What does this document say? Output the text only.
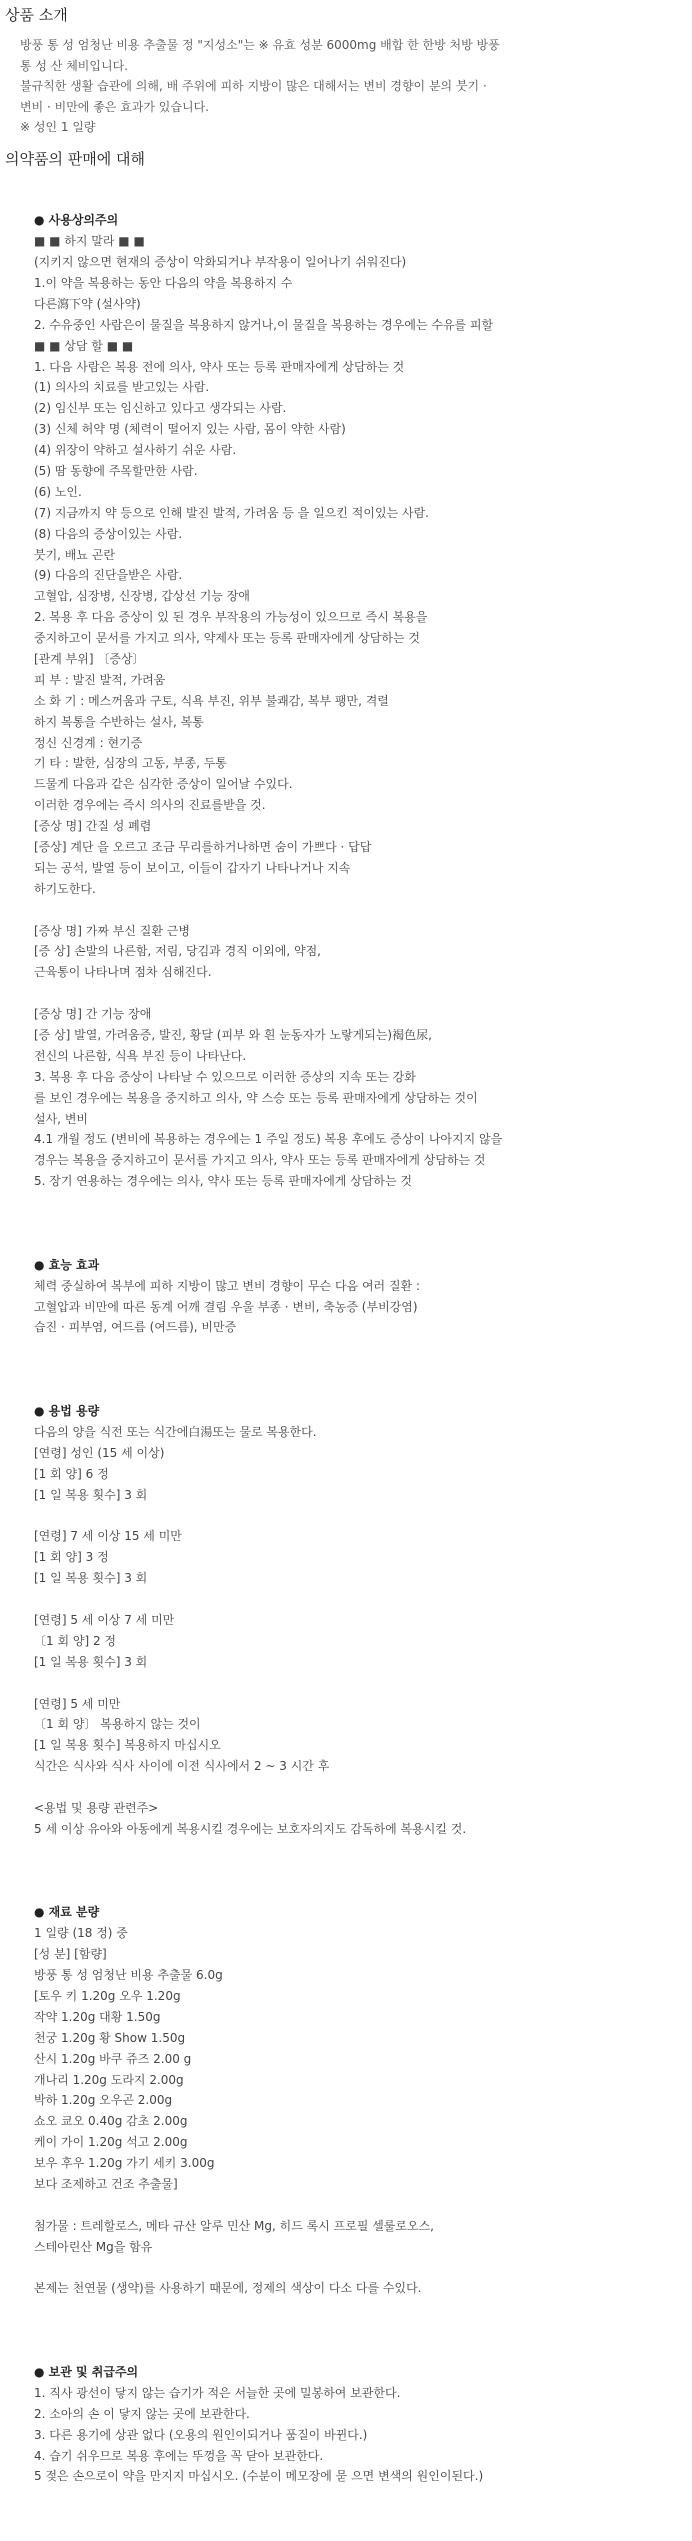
상품 소개

방풍 통 성 엄청난 비용 추출물 정 "지성소"는 ※ 유효 성분 6000mg 배합 한 한방 처방 방풍

통 성 산 체비입니다.

불규칙한 생활 습관에 의해, 배 주위에 피하 지방이 많은 대해서는 변비 경향이 분의 붓기 ·

변비 · 비만에 좋은 효과가 있습니다.

※ 성인 1 일량

의약품의 판매에 대해
● 사용상의주의
■ ■ 하지 말라 ■ ■
(지키지 않으면 현재의 증상이 악화되거나 부작용이 일어나기 쉬워진다)
1.이 약을 복용하는 동안 다음의 약을 복용하지 수
다른瀉下약 (설사약)
2. 수유중인 사람은이 물질을 복용하지 않거나,이 물질을 복용하는 경우에는 수유를 피할
■ ■ 상담 할 ■ ■
1. 다음 사람은 복용 전에 의사, 약사 또는 등록 판매자에게 상담하는 것
(1) 의사의 치료를 받고있는 사람.
(2) 임신부 또는 임신하고 있다고 생각되는 사람.
(3) 신체 허약 명 (체력이 떨어지 있는 사람, 몸이 약한 사람)
(4) 위장이 약하고 설사하기 쉬운 사람.
(5) 땀 동향에 주목할만한 사람.
(6) 노인.
(7) 지금까지 약 등으로 인해 발진 발적, 가려움 등 을 일으킨 적이있는 사람.
(8) 다음의 증상이있는 사람.
붓기, 배뇨 곤란
(9) 다음의 진단을받은 사람.
고혈압, 심장병, 신장병, 갑상선 기능 장애
2. 복용 후 다음 증상이 있 된 경우 부작용의 가능성이 있으므로 즉시 복용을
중지하고이 문서를 가지고 의사, 약제사 또는 등록 판매자에게 상담하는 것
[관계 부위] 〔증상〕
피 부 : 발진 발적, 가려움
소 화 기 : 메스꺼움과 구토, 식욕 부진, 위부 불쾌감, 복부 팽만, 격렬
하지 복통을 수반하는 설사, 복통
정신 신경계 : 현기증
기 타 : 발한, 심장의 고동, 부종, 두통
드물게 다음과 같은 심각한 증상이 일어날 수있다.
이러한 경우에는 즉시 의사의 진료를받을 것.
[증상 명] 간질 성 폐렴
[증상] 계단 을 오르고 조금 무리를하거나하면 숨이 가쁘다 · 답답
되는 공석, 발열 등이 보이고, 이들이 갑자기 나타나거나 지속
하기도한다.
[증상 명] 가짜 부신 질환 근병
[증 상] 손발의 나른함, 저림, 당김과 경직 이외에, 약점,
근육통이 나타나며 점차 심해진다.
[증상 명] 간 기능 장애
[증 상] 발열, 가려움증, 발진, 황달 (피부 와 흰 눈동자가 노랗게되는)褐色尿,
전신의 나른함, 식욕 부진 등이 나타난다.
3. 복용 후 다음 증상이 나타날 수 있으므로 이러한 증상의 지속 또는 강화
를 보인 경우에는 복용을 중지하고 의사, 약 스승 또는 등록 판매자에게 상담하는 것이
설사, 변비
4.1 개월 정도 (변비에 복용하는 경우에는 1 주일 정도) 복용 후에도 증상이 나아지지 않을
경우는 복용을 중지하고이 문서를 가지고 의사, 약사 또는 등록 판매자에게 상담하는 것
5. 장기 연용하는 경우에는 의사, 약사 또는 등록 판매자에게 상담하는 것
● 효능 효과
체력 중실하여 복부에 피하 지방이 많고 변비 경향이 무슨 다음 여러 질환 :
고혈압과 비만에 따른 동계 어깨 결림 우울 부종 · 변비, 축농증 (부비강염)
습진 · 피부염, 여드름 (여드름), 비만증
● 용법 용량
다음의 양을 식전 또는 식간에白湯또는 물로 복용한다.
[연령] 성인 (15 세 이상)
[1 회 양] 6 정
[1 일 복용 횟수] 3 회
[연령] 7 세 이상 15 세 미만
[1 회 양] 3 정
[1 일 복용 횟수] 3 회
[연령] 5 세 이상 7 세 미만
〔1 회 양] 2 정
[1 일 복용 횟수] 3 회
[연령] 5 세 미만
〔1 회 양〕 복용하지 않는 것이
[1 일 복용 횟수] 복용하지 마십시오
식간은 식사와 식사 사이에 이전 식사에서 2 ~ 3 시간 후
<용법 및 용량 관련주>
5 세 이상 유아와 아동에게 복용시킬 경우에는 보호자의지도 감독하에 복용시킬 것.
● 재료 분량
1 일량 (18 정) 중
[성 분] [함량]
방풍 통 성 엄청난 비용 추출물 6.0g
[토우 키 1.20g 오우 1.20g
작약 1.20g 대황 1.50g
천궁 1.20g 황 Show 1.50g
산시 1.20g 바쿠 쥬즈 2.00 g
개나리 1.20g 도라지 2.00g
박하 1.20g 오우곤 2.00g
쇼오 쿄오 0.40g 감초 2.00g
케이 가이 1.20g 석고 2.00g
보우 후우 1.20g 가기 세키 3.00g
보다 조제하고 건조 추출물]
첨가물 : 트레할로스, 메타 규산 알루 민산 Mg, 히드 록시 프로필 셀룰로오스,
스테아린산 Mg을 함유
본제는 천연물 (생약)를 사용하기 때문에, 정제의 색상이 다소 다를 수있다.
● 보관 및 취급주의
1. 직사 광선이 닿지 않는 습기가 적은 서늘한 곳에 밀봉하여 보관한다.
2. 소아의 손 이 닿지 않는 곳에 보관한다.
3. 다른 용기에 상관 없다 (오용의 원인이되거나 품질이 바뀐다.)
4. 습기 쉬우므로 복용 후에는 뚜껑을 꼭 닫아 보관한다.
5 젖은 손으로이 약을 만지지 마십시오. (수분이 메모장에 묻 으면 변색의 원인이된다.)
